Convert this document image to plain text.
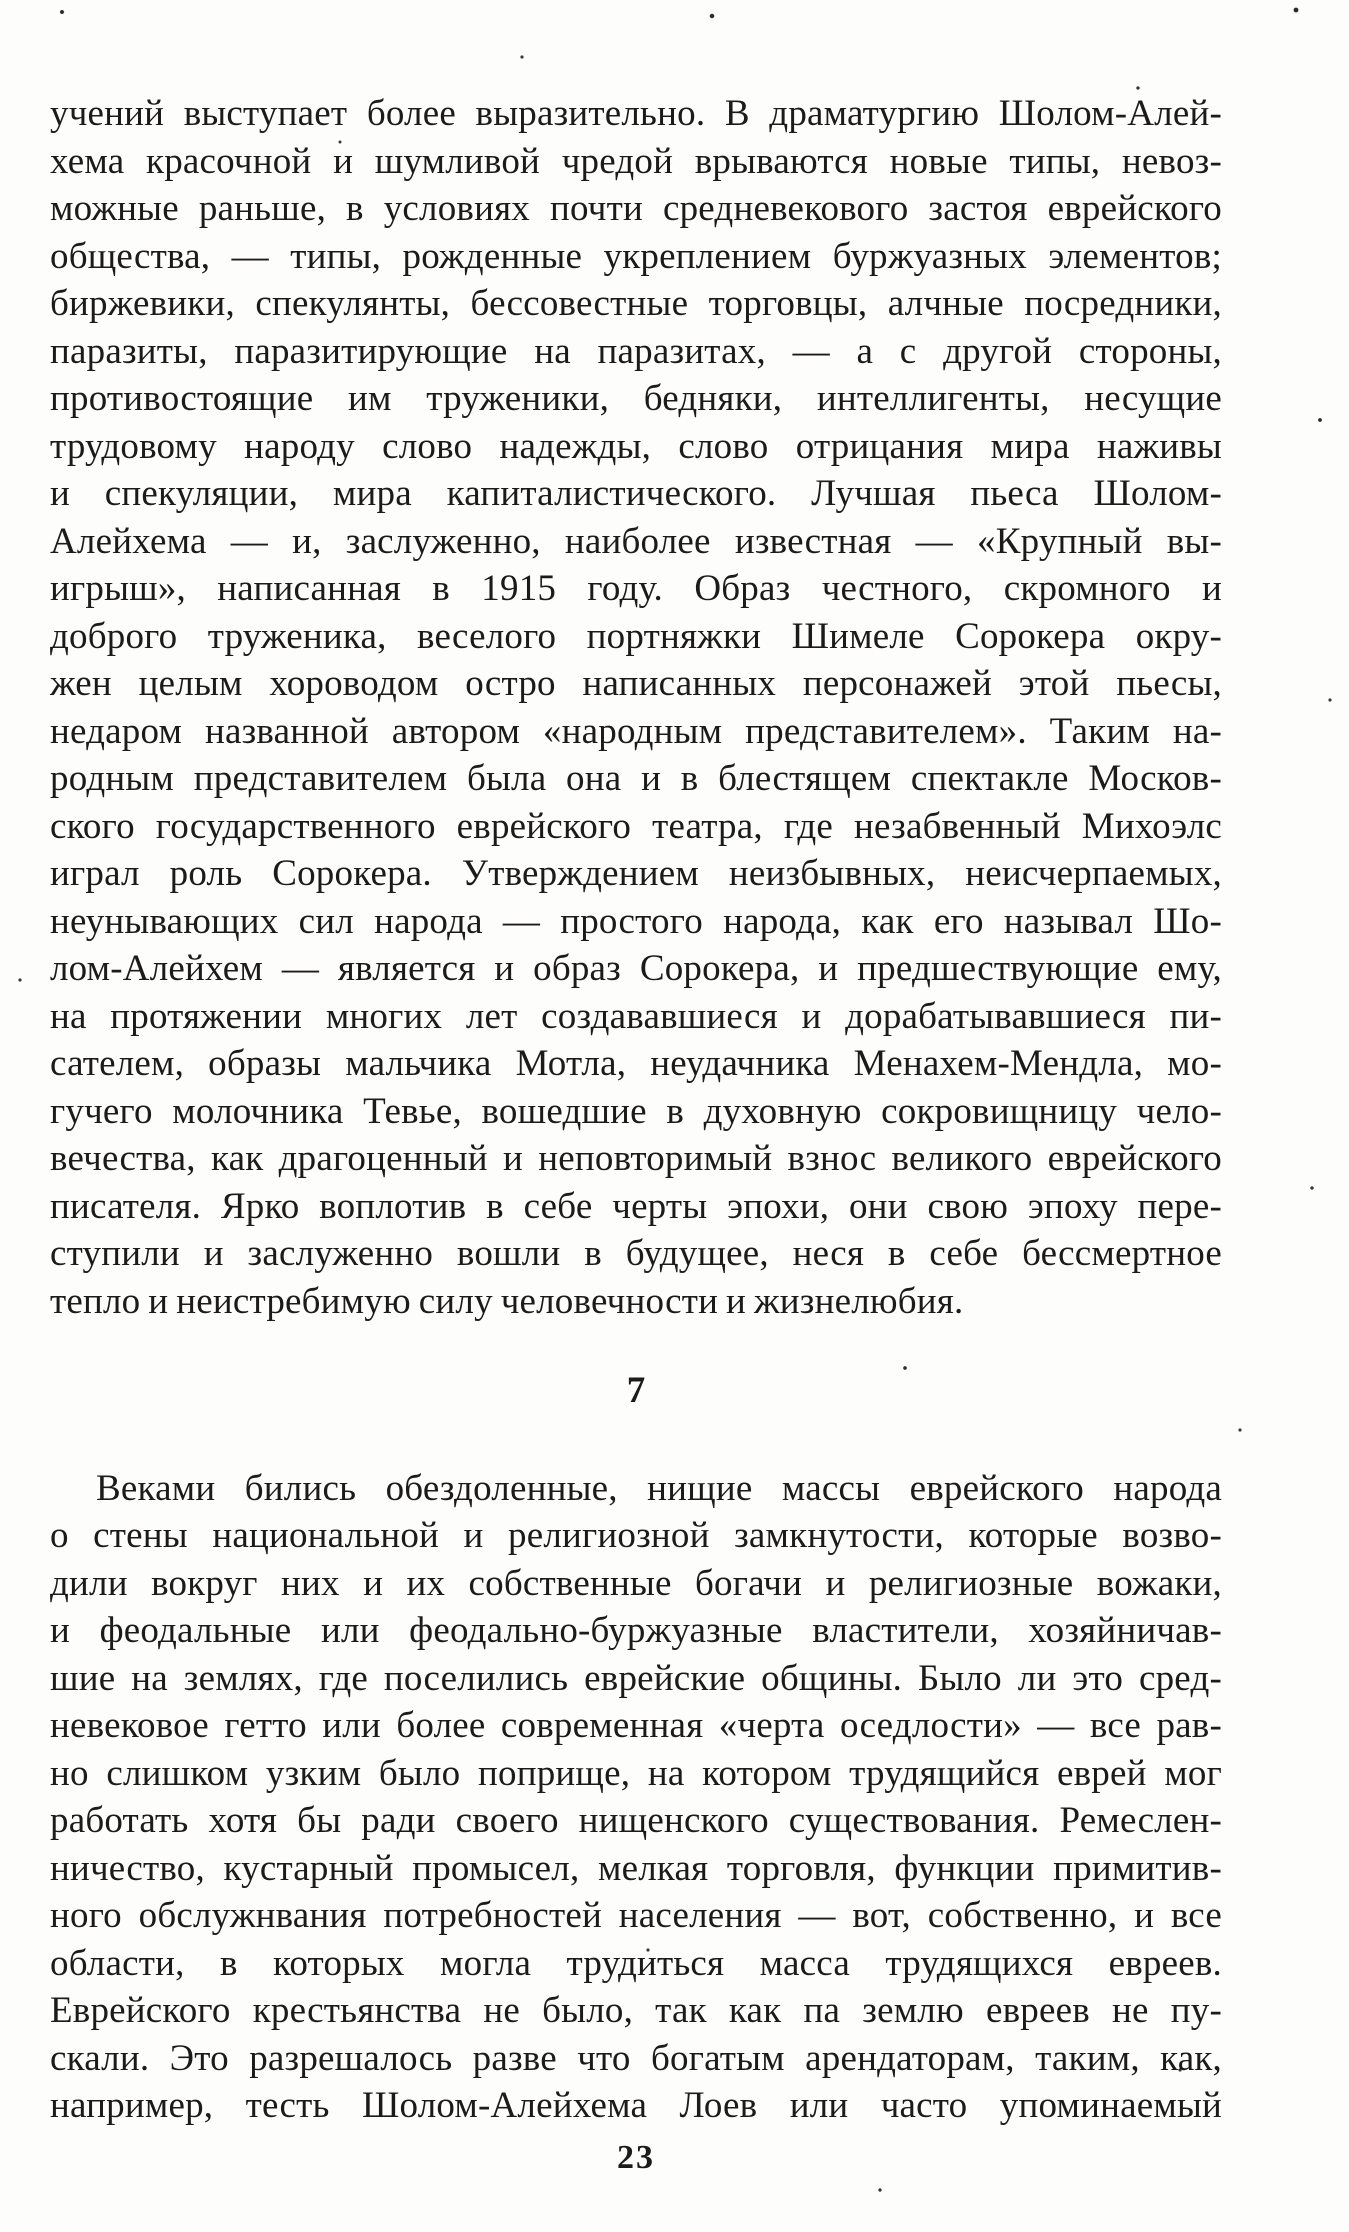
учений выступает более выразительно. В драматургию Шолом-Алей-
хема красочной и шумливой чредой врываются новые типы, невоз-
можные раньше, в условиях почти средневекового застоя еврейского
общества, — типы, рожденные укреплением буржуазных элементов;
биржевики, спекулянты, бессовестные торговцы, алчные посредники,
паразиты, паразитирующие на паразитах, — а с другой стороны,
противостоящие им труженики, бедняки, интеллигенты, несущие
трудовому народу слово надежды, слово отрицания мира наживы
и спекуляции, мира капиталистического. Лучшая пьеса Шолом-
Алейхема — и, заслуженно, наиболее известная — «Крупный вы-
игрыш», написанная в 1915 году. Образ честного, скромного и
доброго труженика, веселого портняжки Шимеле Сорокера окру-
жен целым хороводом остро написанных персонажей этой пьесы,
недаром названной автором «народным представителем». Таким на-
родным представителем была она и в блестящем спектакле Москов-
ского государственного еврейского театра, где незабвенный Михоэлс
играл роль Сорокера. Утверждением неизбывных, неисчерпаемых,
неунывающих сил народа — простого народа, как его называл Шо-
лом-Алейхем — является и образ Сорокера, и предшествующие ему,
на протяжении многих лет создававшиеся и дорабатывавшиеся пи-
сателем, образы мальчика Мотла, неудачника Менахем-Мендла, мо-
гучего молочника Тевье, вошедшие в духовную сокровищницу чело-
вечества, как драгоценный и неповторимый взнос великого еврейского
писателя. Ярко воплотив в себе черты эпохи, они свою эпоху пере-
ступили и заслуженно вошли в будущее, неся в себе бессмертное
тепло и неистребимую силу человечности и жизнелюбия.
7
Веками бились обездоленные, нищие массы еврейского народа
о стены национальной и религиозной замкнутости, которые возво-
дили вокруг них и их собственные богачи и религиозные вожаки,
и феодальные или феодально-буржуазные властители, хозяйничав-
шие на землях, где поселились еврейские общины. Было ли это сред-
невековое гетто или более современная «черта оседлости» — все рав-
но слишком узким было поприще, на котором трудящийся еврей мог
работать хотя бы ради своего нищенского существования. Ремеслен-
ничество, кустарный промысел, мелкая торговля, функции примитив-
ного обслужнвания потребностей населения — вот, собственно, и все
области, в которых могла трудиться масса трудящихся евреев.
Еврейского крестьянства не было, так как па землю евреев не пу-
скали. Это разрешалось разве что богатым арендаторам, таким, как,
например, тесть Шолом-Алейхема Лоев или часто упоминаемый
23
